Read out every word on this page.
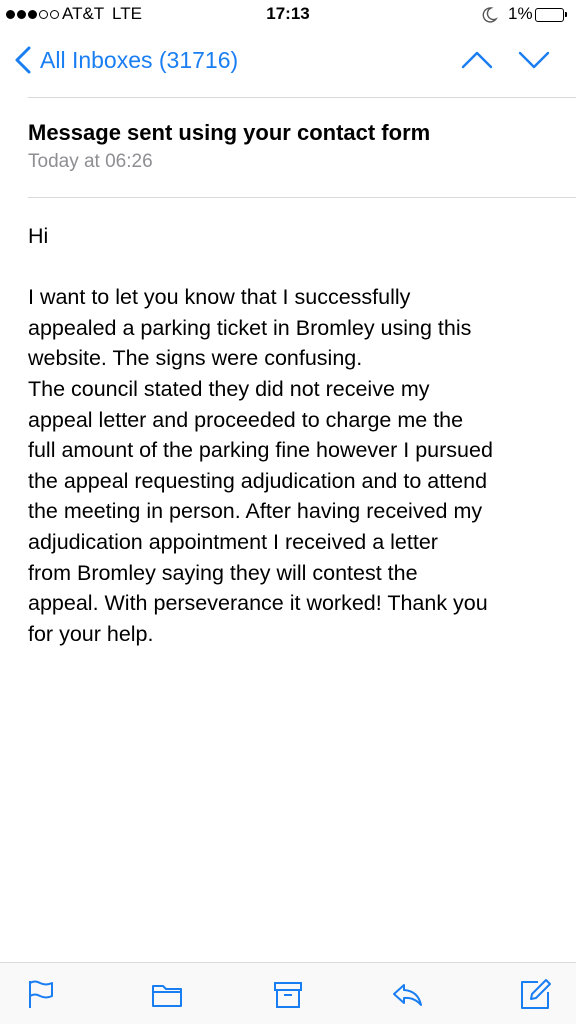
AT&T LTE	17:13	1%
All Inboxes (31716)
Message sent using your contact form
Today at 06:26

Hi

I want to let you know that I successfully

appealed a parking ticket in Bromley using this

website. The signs were confusing.

The council stated they did not receive my

appeal letter and proceeded to charge me the

full amount of the parking fine however I pursued

the appeal requesting adjudication and to attend

the meeting in person. After having received my

adjudication appointment I received a letter

from Bromley saying they will contest the

appeal. With perseverance it worked! Thank you

for your help.
